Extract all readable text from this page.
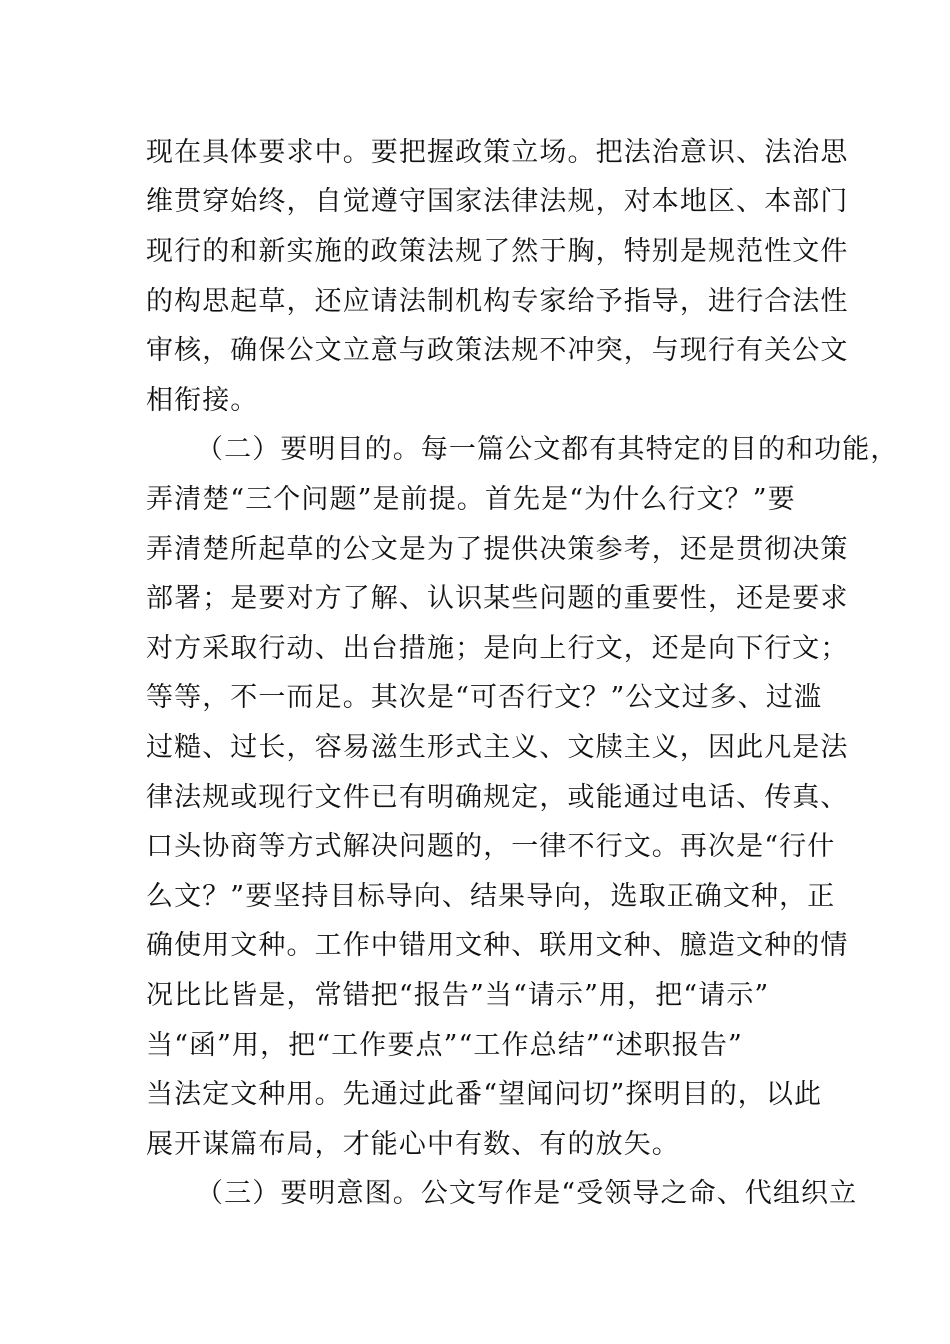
现在具体要求中。要把握政策立场。把法治意识、法治思
维贯穿始终，自觉遵守国家法律法规，对本地区、本部门
现行的和新实施的政策法规了然于胸，特别是规范性文件
的构思起草，还应请法制机构专家给予指导，进行合法性
审核，确保公文立意与政策法规不冲突，与现行有关公文
相衔接。
（二）要明目的。每一篇公文都有其特定的目的和功能，
弄清楚“三个问题”是前提。首先是“为什么行文？”要
弄清楚所起草的公文是为了提供决策参考，还是贯彻决策
部署；是要对方了解、认识某些问题的重要性，还是要求
对方采取行动、出台措施；是向上行文，还是向下行文；
等等，不一而足。其次是“可否行文？”公文过多、过滥
过糙、过长，容易滋生形式主义、文牍主义，因此凡是法
律法规或现行文件已有明确规定，或能通过电话、传真、
口头协商等方式解决问题的，一律不行文。再次是“行什
么文？”要坚持目标导向、结果导向，选取正确文种，正
确使用文种。工作中错用文种、联用文种、臆造文种的情
况比比皆是，常错把“报告”当“请示”用，把“请示”
当“函”用，把“工作要点”“工作总结”“述职报告”
当法定文种用。先通过此番“望闻问切”探明目的，以此
展开谋篇布局，才能心中有数、有的放矢。
（三）要明意图。公文写作是“受领导之命、代组织立
